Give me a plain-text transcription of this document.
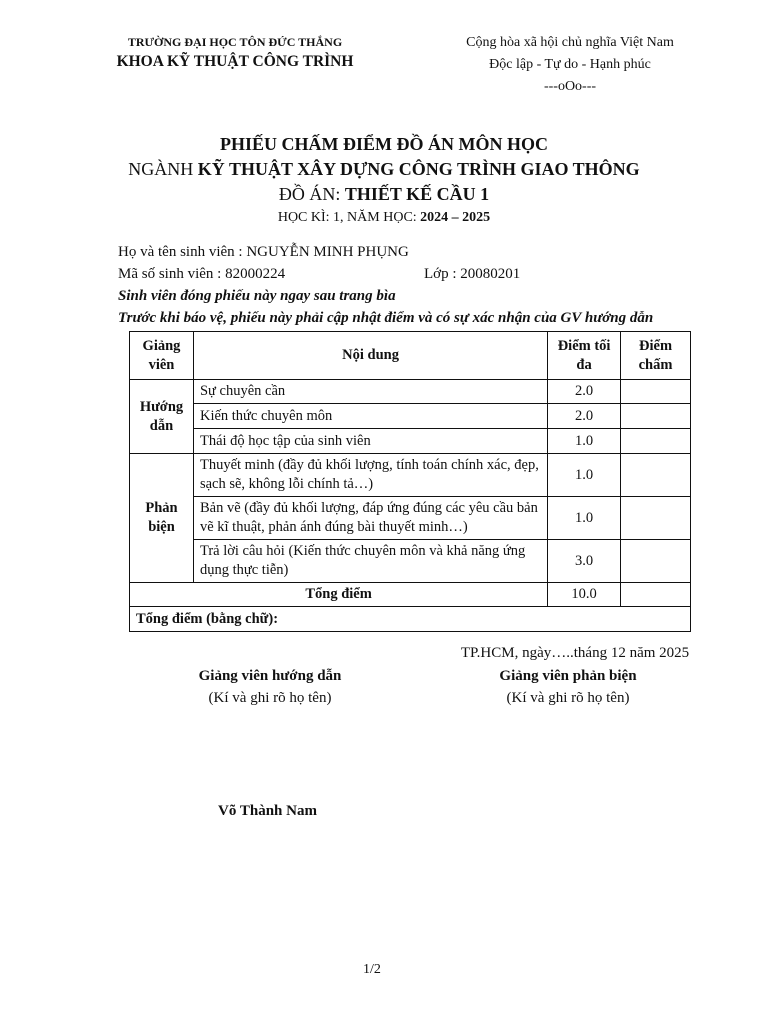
TRƯỜNG ĐẠI HỌC TÔN ĐỨC THẮNG
KHOA KỸ THUẬT CÔNG TRÌNH
Cộng hòa xã hội chủ nghĩa Việt Nam
Độc lập - Tự do - Hạnh phúc
---oOo---
PHIẾU CHẤM ĐIỂM ĐỒ ÁN MÔN HỌC
NGÀNH KỸ THUẬT XÂY DỰNG CÔNG TRÌNH GIAO THÔNG
ĐỒ ÁN: THIẾT KẾ CẦU 1
HỌC KÌ: 1, NĂM HỌC: 2024 – 2025
Họ và tên sinh viên : NGUYỄN MINH PHỤNG
Mã số sinh viên : 82000224	Lớp : 20080201
Sinh viên đóng phiếu này ngay sau trang bìa
Trước khi báo vệ, phiếu này phải cập nhật điểm và có sự xác nhận của GV hướng dẫn
Giảng viên	Nội dung	Điểm tối đa	Điểm chấm
Hướng dẫn	Sự chuyên cần	2.0	
	Kiến thức chuyên môn	2.0	
	Thái độ học tập của sinh viên	1.0	
Phản biện	Thuyết minh (đầy đủ khối lượng, tính toán chính xác, đẹp, sạch sẽ, không lỗi chính tả…)	1.0	
	Bản vẽ (đầy đủ khối lượng, đáp ứng đúng các yêu cầu bản vẽ kĩ thuật, phản ánh đúng bài thuyết minh…)	1.0	
	Trả lời câu hỏi (Kiến thức chuyên môn và khả năng ứng dụng thực tiễn)	3.0	
Tổng điểm		10.0	
Tổng điểm (bằng chữ):			
TP.HCM, ngày…..tháng 12 năm 2025
Giảng viên hướng dẫn
(Kí và ghi rõ họ tên)
Giảng viên phản biện
(Kí và ghi rõ họ tên)
Võ Thành Nam
1/2
